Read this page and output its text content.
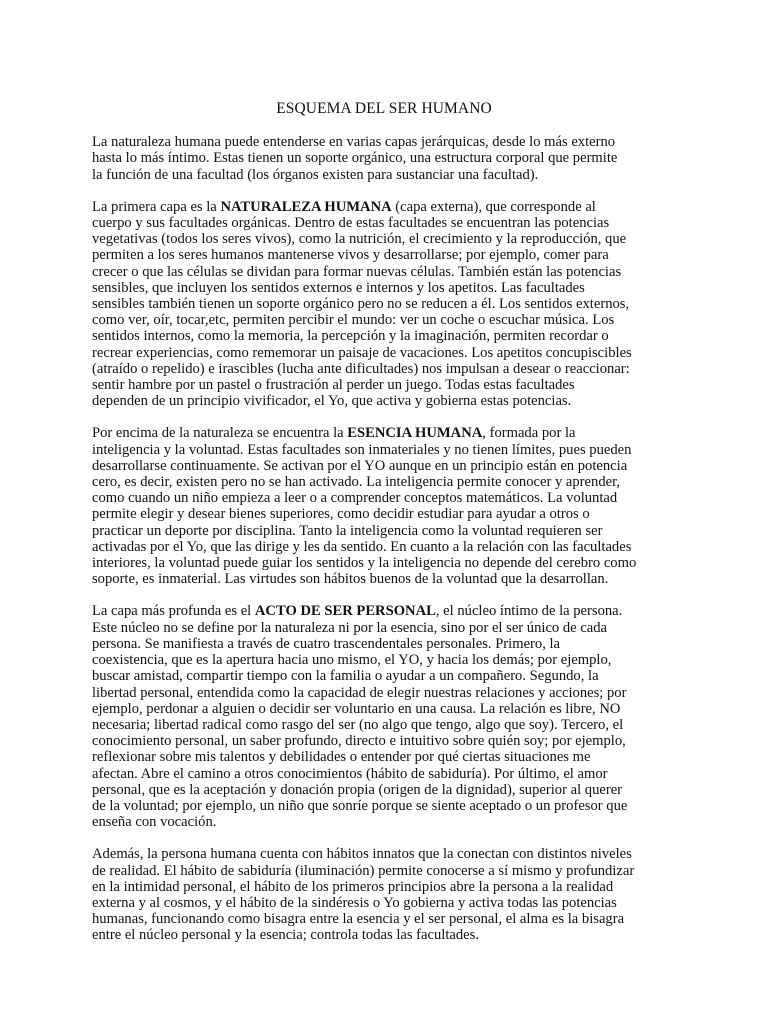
ESQUEMA DEL SER HUMANO
La naturaleza humana puede entenderse en varias capas jerárquicas, desde lo más externo
hasta lo más íntimo. Estas tienen un soporte orgánico, una estructura corporal que permite
la función de una facultad (los órganos existen para sustanciar una facultad).
La primera capa es la NATURALEZA HUMANA (capa externa), que corresponde al
cuerpo y sus facultades orgánicas. Dentro de estas facultades se encuentran las potencias
vegetativas (todos los seres vivos), como la nutrición, el crecimiento y la reproducción, que
permiten a los seres humanos mantenerse vivos y desarrollarse; por ejemplo, comer para
crecer o que las células se dividan para formar nuevas células. También están las potencias
sensibles, que incluyen los sentidos externos e internos y los apetitos. Las facultades
sensibles también tienen un soporte orgánico pero no se reducen a él. Los sentidos externos,
como ver, oír, tocar,etc, permiten percibir el mundo: ver un coche o escuchar música. Los
sentidos internos, como la memoria, la percepción y la imaginación, permiten recordar o
recrear experiencias, como rememorar un paisaje de vacaciones. Los apetitos concupiscibles
(atraído o repelido) e irascibles (lucha ante dificultades) nos impulsan a desear o reaccionar:
sentir hambre por un pastel o frustración al perder un juego. Todas estas facultades
dependen de un principio vivificador, el Yo, que activa y gobierna estas potencias.
Por encima de la naturaleza se encuentra la ESENCIA HUMANA, formada por la
inteligencia y la voluntad. Estas facultades son inmateriales y no tienen límites, pues pueden
desarrollarse continuamente. Se activan por el YO aunque en un principio están en potencia
cero, es decir, existen pero no se han activado. La inteligencia permite conocer y aprender,
como cuando un niño empieza a leer o a comprender conceptos matemáticos. La voluntad
permite elegir y desear bienes superiores, como decidir estudiar para ayudar a otros o
practicar un deporte por disciplina. Tanto la inteligencia como la voluntad requieren ser
activadas por el Yo, que las dirige y les da sentido. En cuanto a la relación con las facultades
interiores, la voluntad puede guiar los sentidos y la inteligencia no depende del cerebro como
soporte, es inmaterial. Las virtudes son hábitos buenos de la voluntad que la desarrollan.
La capa más profunda es el ACTO DE SER PERSONAL, el núcleo íntimo de la persona.
Este núcleo no se define por la naturaleza ni por la esencia, sino por el ser único de cada
persona. Se manifiesta a través de cuatro trascendentales personales. Primero, la
coexistencia, que es la apertura hacia uno mismo, el YO, y hacia los demás; por ejemplo,
buscar amistad, compartir tiempo con la familia o ayudar a un compañero. Segundo, la
libertad personal, entendida como la capacidad de elegir nuestras relaciones y acciones; por
ejemplo, perdonar a alguien o decidir ser voluntario en una causa. La relación es libre, NO
necesaria; libertad radical como rasgo del ser (no algo que tengo, algo que soy). Tercero, el
conocimiento personal, un saber profundo, directo e intuitivo sobre quién soy; por ejemplo,
reflexionar sobre mis talentos y debilidades o entender por qué ciertas situaciones me
afectan. Abre el camino a otros conocimientos (hábito de sabiduría). Por último, el amor
personal, que es la aceptación y donación propia (origen de la dignidad), superior al querer
de la voluntad; por ejemplo, un niño que sonríe porque se siente aceptado o un profesor que
enseña con vocación.
Además, la persona humana cuenta con hábitos innatos que la conectan con distintos niveles
de realidad. El hábito de sabiduría (iluminación) permite conocerse a sí mismo y profundizar
en la intimidad personal, el hábito de los primeros principios abre la persona a la realidad
externa y al cosmos, y el hábito de la sindéresis o Yo gobierna y activa todas las potencias
humanas, funcionando como bisagra entre la esencia y el ser personal, el alma es la bisagra
entre el núcleo personal y la esencia; controla todas las facultades.
